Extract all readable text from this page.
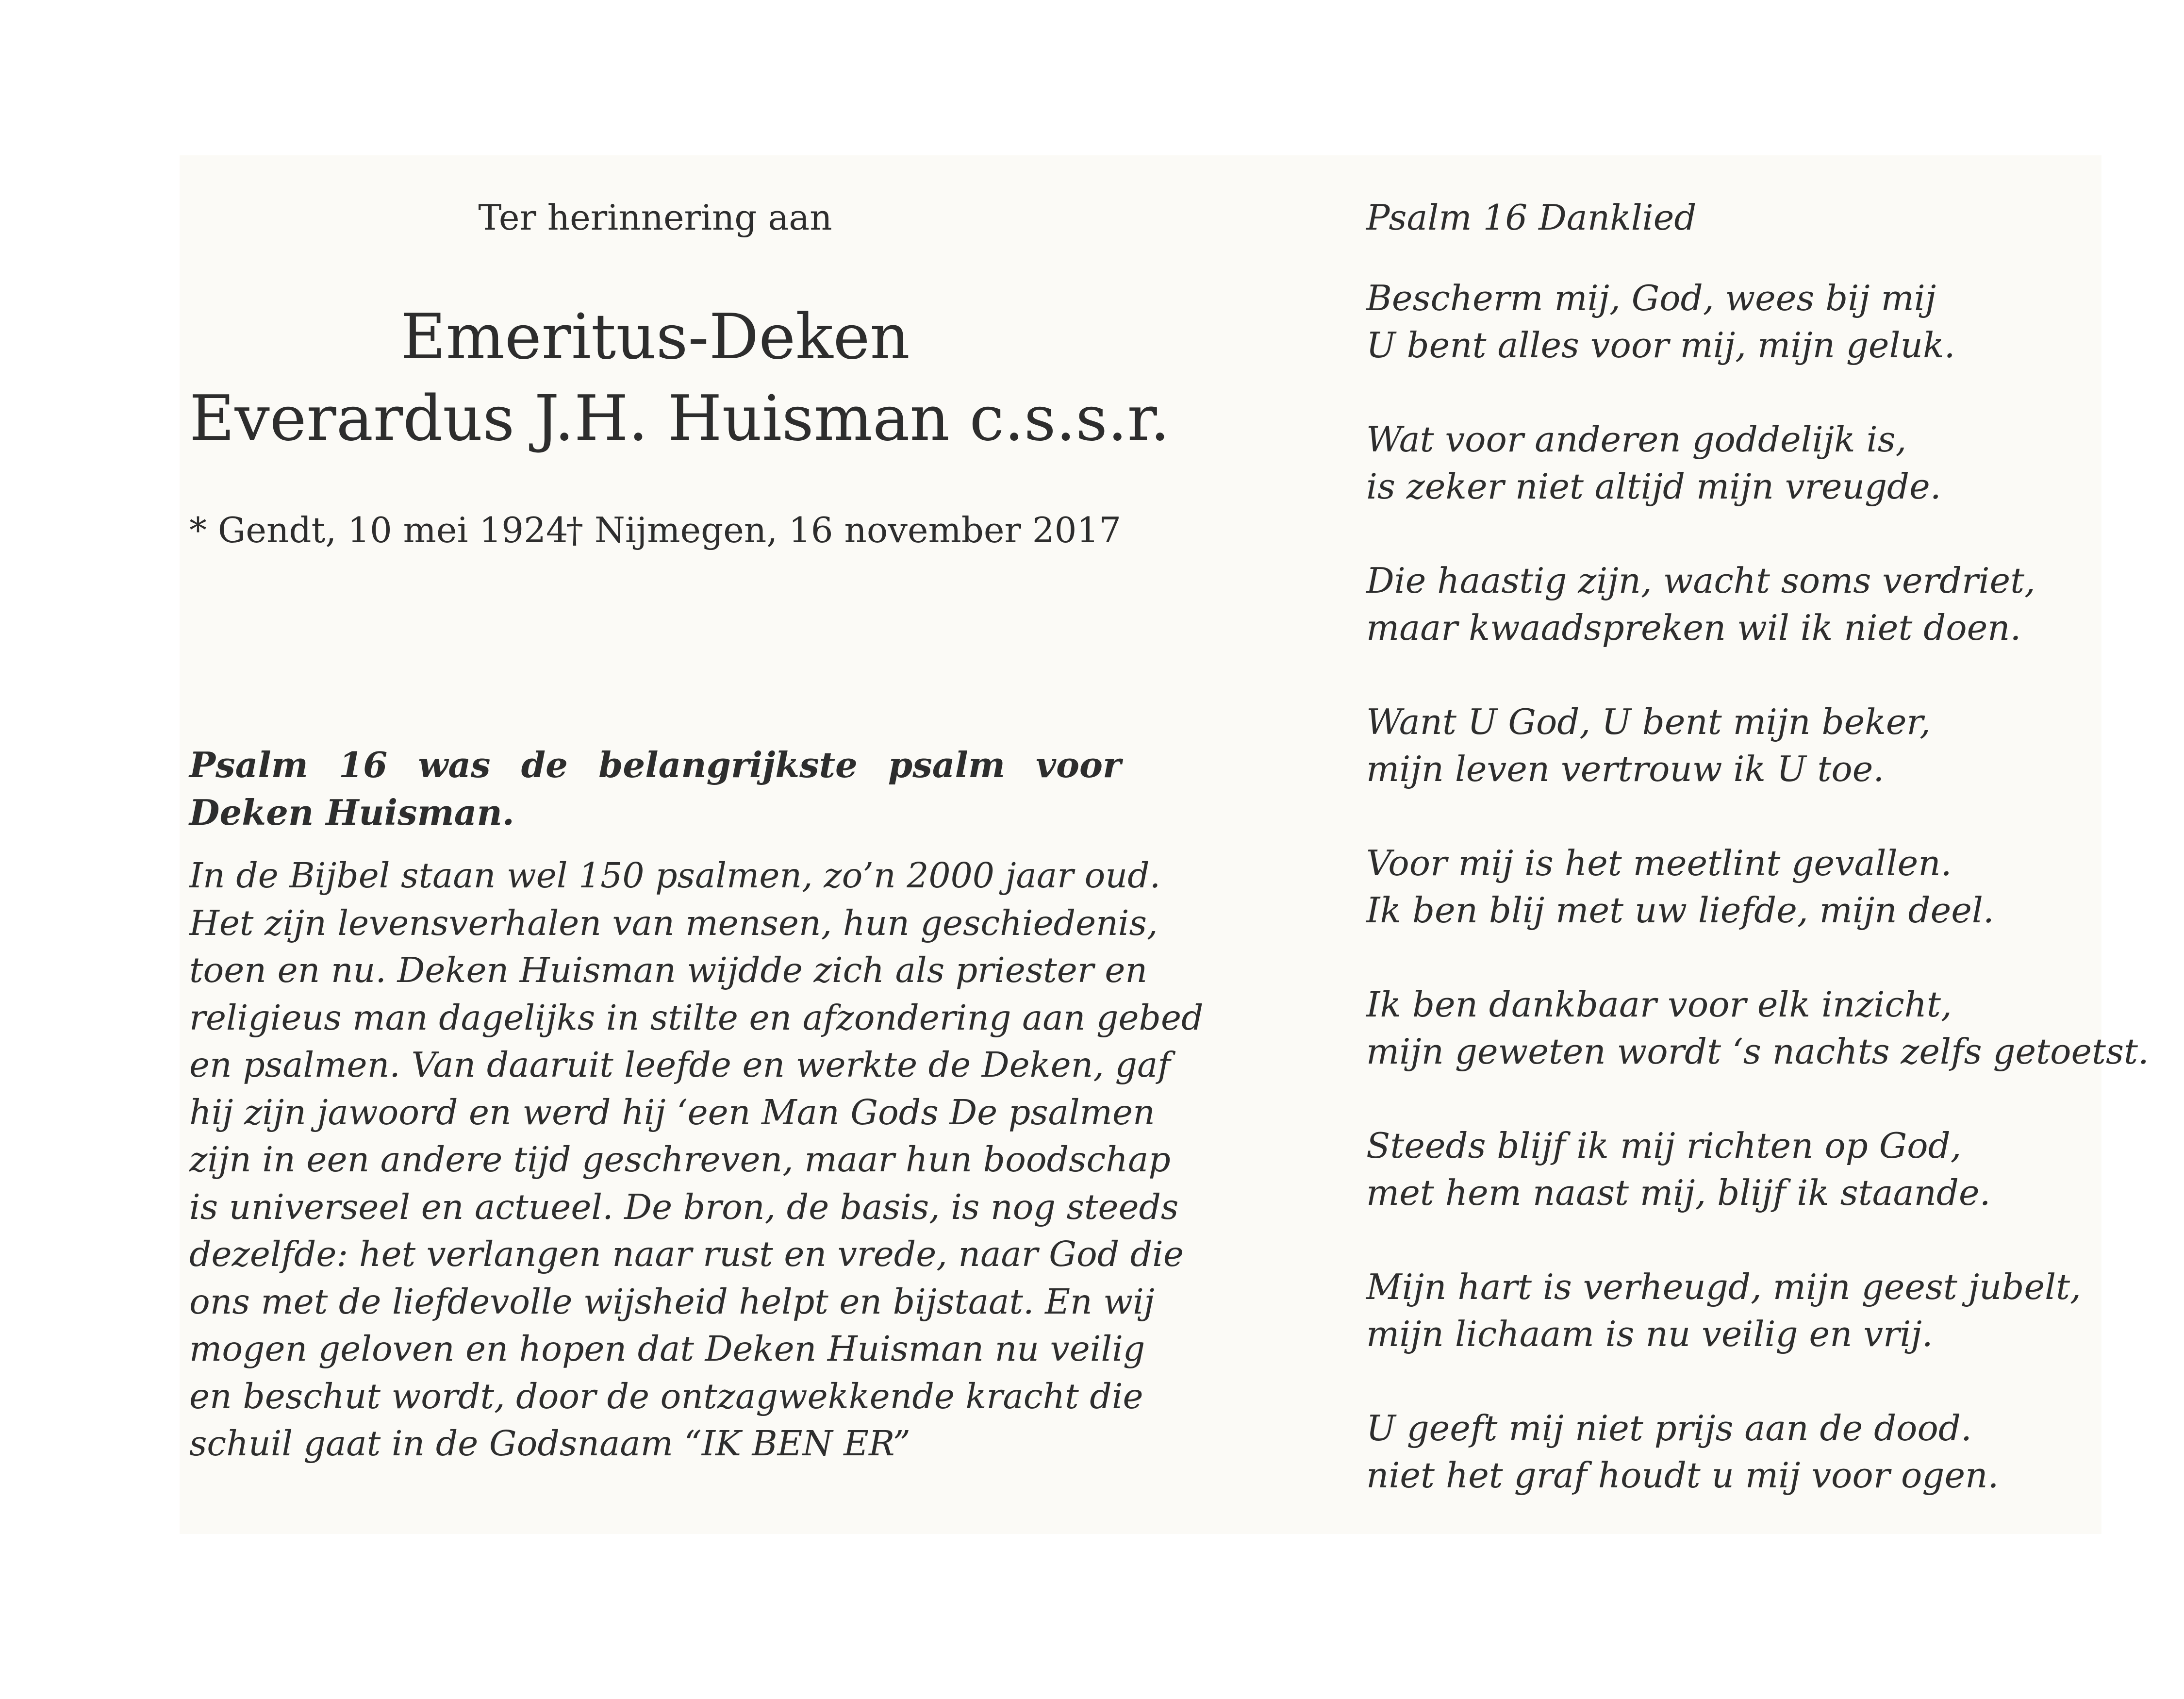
Ter herinnering aan

Emeritus-Deken
Everardus J.H. Huisman c.s.s.r.
* Gendt, 10 mei 1924
† Nijmegen, 16 november 2017

Psalm 16 was de belangrijkste psalm voor Deken Huisman.

In de Bijbel staan wel 150 psalmen, zo’n 2000 jaar oud.

Het zijn levensverhalen van mensen, hun geschiedenis,

toen en nu. Deken Huisman wijdde zich als priester en

religieus man dagelijks in stilte en afzondering aan gebed

en psalmen. Van daaruit leefde en werkte de Deken, gaf

hij zijn jawoord en werd hij ‘een Man Gods De psalmen

zijn in een andere tijd geschreven, maar hun boodschap

is universeel en actueel. De bron, de basis, is nog steeds

dezelfde: het verlangen naar rust en vrede, naar God die

ons met de liefdevolle wijsheid helpt en bijstaat. En wij

mogen geloven en hopen dat Deken Huisman nu veilig

en beschut wordt, door de ontzagwekkende kracht die

schuil gaat in de Godsnaam “IK BEN ER”

Psalm 16 Danklied

Bescherm mij, God, wees bij mij

U bent alles voor mij, mijn geluk.

Wat voor anderen goddelijk is,

is zeker niet altijd mijn vreugde.

Die haastig zijn, wacht soms verdriet,

maar kwaadspreken wil ik niet doen.

Want U God, U bent mijn beker,

mijn leven vertrouw ik U toe.

Voor mij is het meetlint gevallen.

Ik ben blij met uw liefde, mijn deel.

Ik ben dankbaar voor elk inzicht,

mijn geweten wordt ‘s nachts zelfs getoetst.

Steeds blijf ik mij richten op God,

met hem naast mij, blijf ik staande.

Mijn hart is verheugd, mijn geest jubelt,

mijn lichaam is nu veilig en vrij.

U geeft mij niet prijs aan de dood.

niet het graf houdt u mij voor ogen.
